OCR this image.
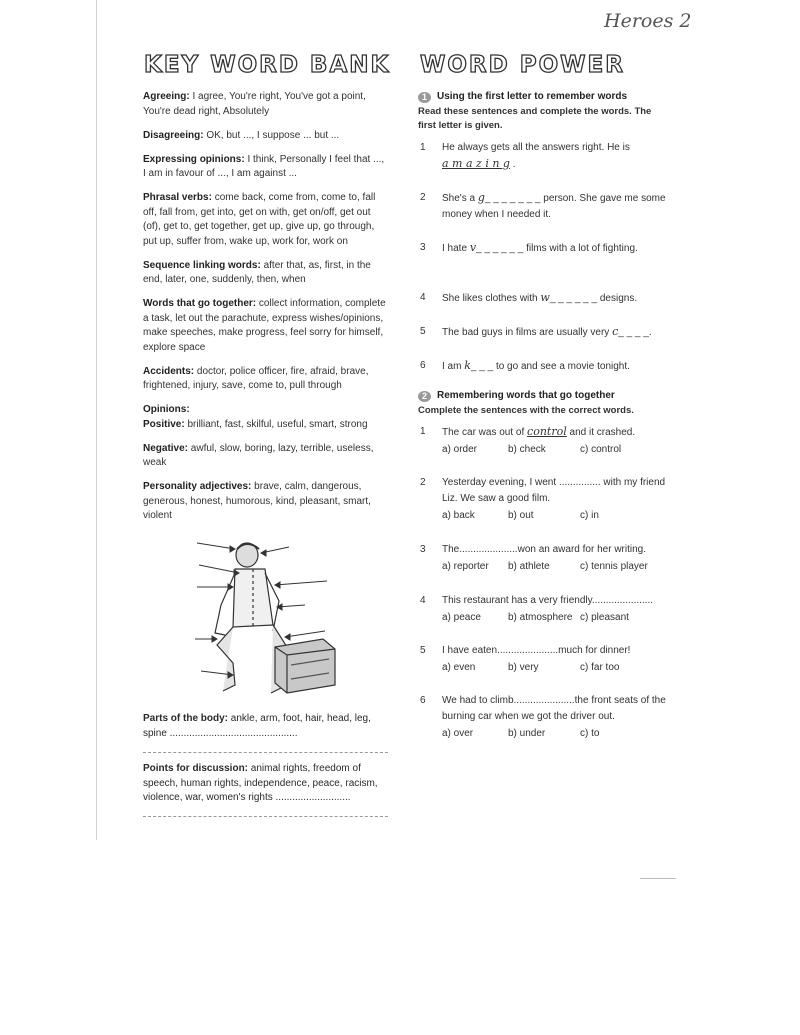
Heroes 2
KEY WORD BANK WORD POWER
Agreeing: I agree, You're right, You've got a point, You're dead right, Absolutely
Disagreeing: OK, but ..., I suppose ... but ...
Expressing opinions: I think, Personally I feel that ..., I am in favour of ..., I am against ...
Phrasal verbs: come back, come from, come to, fall off, fall from, get into, get on with, get on/off, get out (of), get to, get together, get up, give up, go through, put up, suffer from, wake up, work for, work on
Sequence linking words: after that, as, first, in the end, later, one, suddenly, then, when
Words that go together: collect information, complete a task, let out the parachute, express wishes/opinions, make speeches, make progress, feel sorry for himself, explore space
Accidents: doctor, police officer, fire, afraid, brave, frightened, injury, save, come to, pull through
Opinions:
Positive: brilliant, fast, skilful, useful, smart, strong
Negative: awful, slow, boring, lazy, terrible, useless, weak
Personality adjectives: brave, calm, dangerous, generous, honest, humorous, kind, pleasant, smart, violent
Parts of the body: ankle, arm, foot, hair, head, leg, spine ..............................................
Points for discussion: animal rights, freedom of speech, human rights, independence, peace, racism, violence, war, women's rights ...........................
1	Using the first letter to remember words
Read these sentences and complete the words. The first letter is given.
1 He always gets all the answers right. He is
a m a z i n g .
2 She's a g_ _ _ _ _ _ _ person. She gave me some money when I needed it.
3 I hate v_ _ _ _ _ _ films with a lot of fighting.
4 She likes clothes with w_ _ _ _ _ _ designs.
5 The bad guys in films are usually very c_ _ _ _.
6 I am k_ _ _ to go and see a movie tonight.
2	Remembering words that go together
Complete the sentences with the correct words.
1 The car was out of control and it crashed.
a) order	b) check	c) control
2 Yesterday evening, I went ............... with my friend Liz. We saw a good film.
a) back	b) out	c) in
3 The.....................won an award for her writing.
a) reporter	b) athlete	c) tennis player
4 This restaurant has a very friendly......................
a) peace	b) atmosphere c) pleasant
5 I have eaten......................much for dinner!
a) even	b) very	c) far too
6 We had to climb......................the front seats of the burning car when we got the driver out.
a) over	b) under	c) to
